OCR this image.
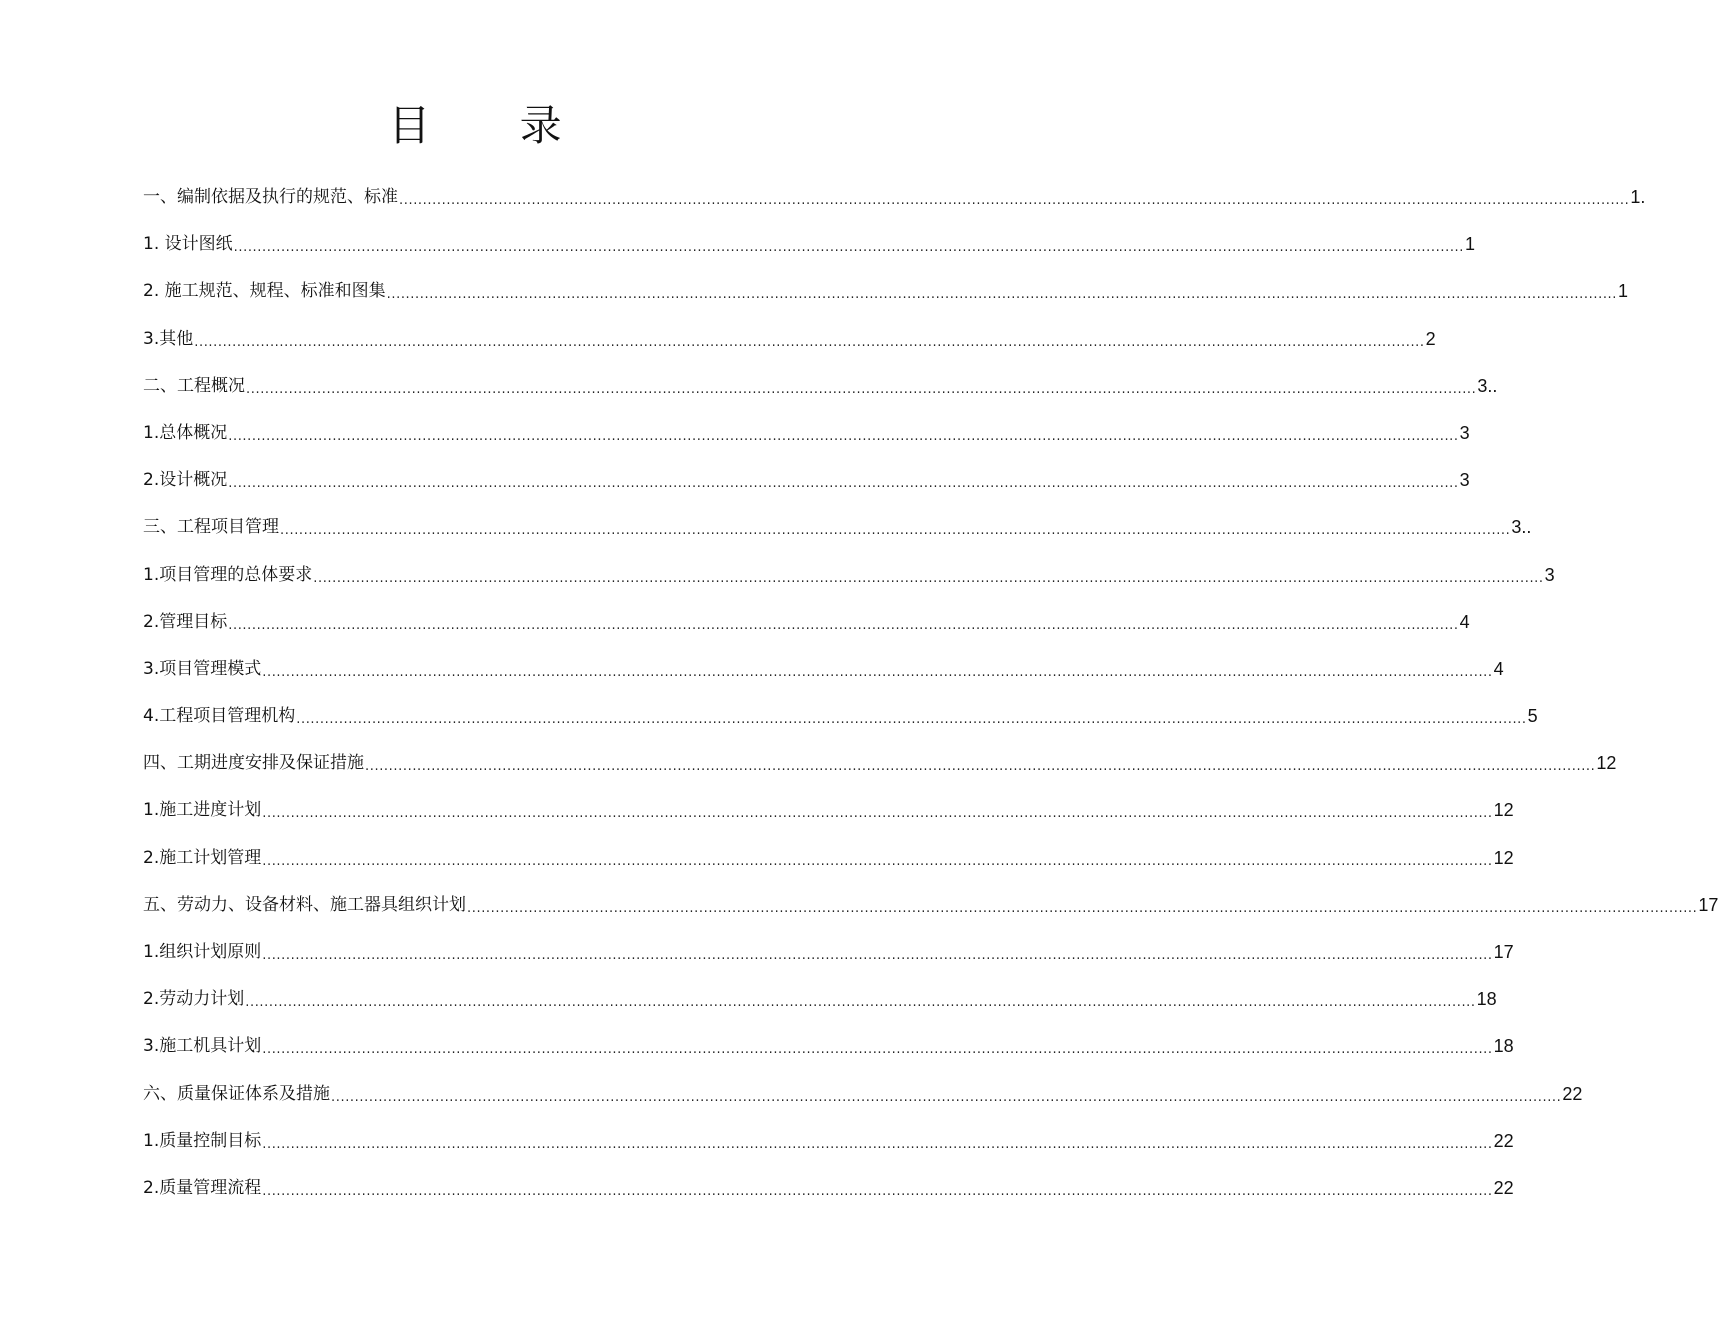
目 录
一、编制依据及执行的规范、标准 .................................................................................................................................................................................................................................................................... 1.
1. 设计图纸 .................................................................................................................................................................................................................................................................... 1
2. 施工规范、规程、标准和图集 .................................................................................................................................................................................................................................................................... 1
3.其他 .................................................................................................................................................................................................................................................................... 2
二、工程概况 .................................................................................................................................................................................................................................................................... 3..
1.总体概况 .................................................................................................................................................................................................................................................................... 3
2.设计概况 .................................................................................................................................................................................................................................................................... 3
三、工程项目管理 .................................................................................................................................................................................................................................................................... 3..
1.项目管理的总体要求 .................................................................................................................................................................................................................................................................... 3
2.管理目标 .................................................................................................................................................................................................................................................................... 4
3.项目管理模式 .................................................................................................................................................................................................................................................................... 4
4.工程项目管理机构 .................................................................................................................................................................................................................................................................... 5
四、工期进度安排及保证措施 .................................................................................................................................................................................................................................................................... 12
1.施工进度计划 .................................................................................................................................................................................................................................................................... 12
2.施工计划管理 .................................................................................................................................................................................................................................................................... 12
五、劳动力、设备材料、施工器具组织计划 .................................................................................................................................................................................................................................................................... 17
1.组织计划原则 .................................................................................................................................................................................................................................................................... 17
2.劳动力计划 .................................................................................................................................................................................................................................................................... 18
3.施工机具计划 .................................................................................................................................................................................................................................................................... 18
六、质量保证体系及措施 .................................................................................................................................................................................................................................................................... 22
1.质量控制目标 .................................................................................................................................................................................................................................................................... 22
2.质量管理流程 .................................................................................................................................................................................................................................................................... 22
